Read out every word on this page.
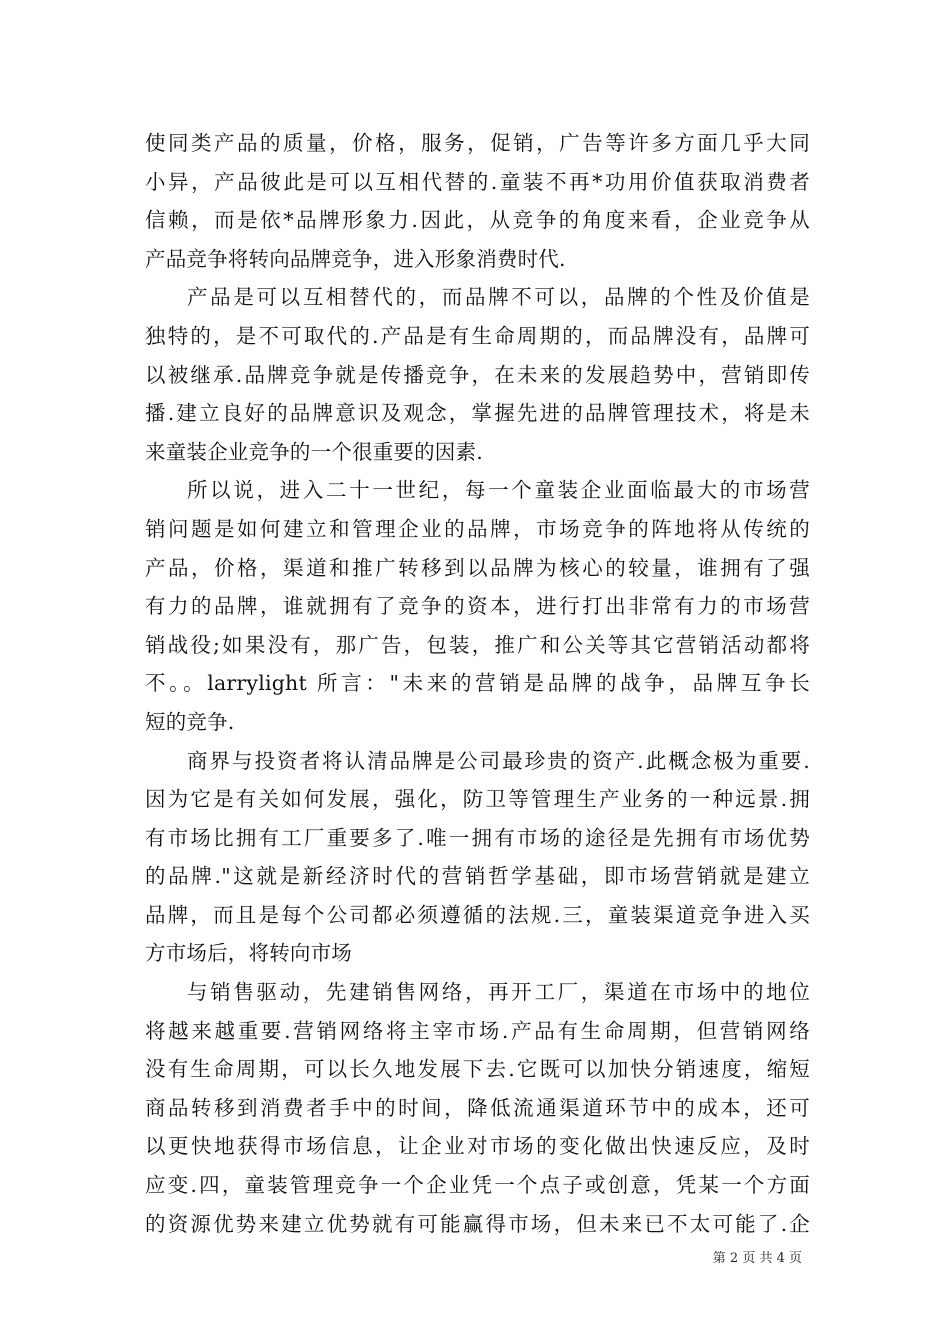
使同类产品的质量，价格，服务，促销，广告等许多方面几乎大同
小异，产品彼此是可以互相代替的.童装不再*功用价值获取消费者
信赖，而是依*品牌形象力.因此，从竞争的角度来看，企业竞争从
产品竞争将转向品牌竞争，进入形象消费时代.
产品是可以互相替代的，而品牌不可以，品牌的个性及价值是
独特的，是不可取代的.产品是有生命周期的，而品牌没有，品牌可
以被继承.品牌竞争就是传播竞争，在未来的发展趋势中，营销即传
播.建立良好的品牌意识及观念，掌握先进的品牌管理技术，将是未
来童装企业竞争的一个很重要的因素.
所以说，进入二十一世纪，每一个童装企业面临最大的市场营
销问题是如何建立和管理企业的品牌，市场竞争的阵地将从传统的
产品，价格，渠道和推广转移到以品牌为核心的较量，谁拥有了强
有力的品牌，谁就拥有了竞争的资本，进行打出非常有力的市场营
销战役;如果没有，那广告，包装，推广和公关等其它营销活动都将
不。。larrylight 所言："未来的营销是品牌的战争，品牌互争长
短的竞争.
商界与投资者将认清品牌是公司最珍贵的资产.此概念极为重要.
因为它是有关如何发展，强化，防卫等管理生产业务的一种远景.拥
有市场比拥有工厂重要多了.唯一拥有市场的途径是先拥有市场优势
的品牌."这就是新经济时代的营销哲学基础，即市场营销就是建立
品牌，而且是每个公司都必须遵循的法规.三，童装渠道竞争进入买
方市场后，将转向市场
与销售驱动，先建销售网络，再开工厂，渠道在市场中的地位
将越来越重要.营销网络将主宰市场.产品有生命周期，但营销网络
没有生命周期，可以长久地发展下去.它既可以加快分销速度，缩短
商品转移到消费者手中的时间，降低流通渠道环节中的成本，还可
以更快地获得市场信息，让企业对市场的变化做出快速反应，及时
应变.四，童装管理竞争一个企业凭一个点子或创意，凭某一个方面
的资源优势来建立优势就有可能赢得市场，但未来已不太可能了.企
第 2 页 共 4 页
